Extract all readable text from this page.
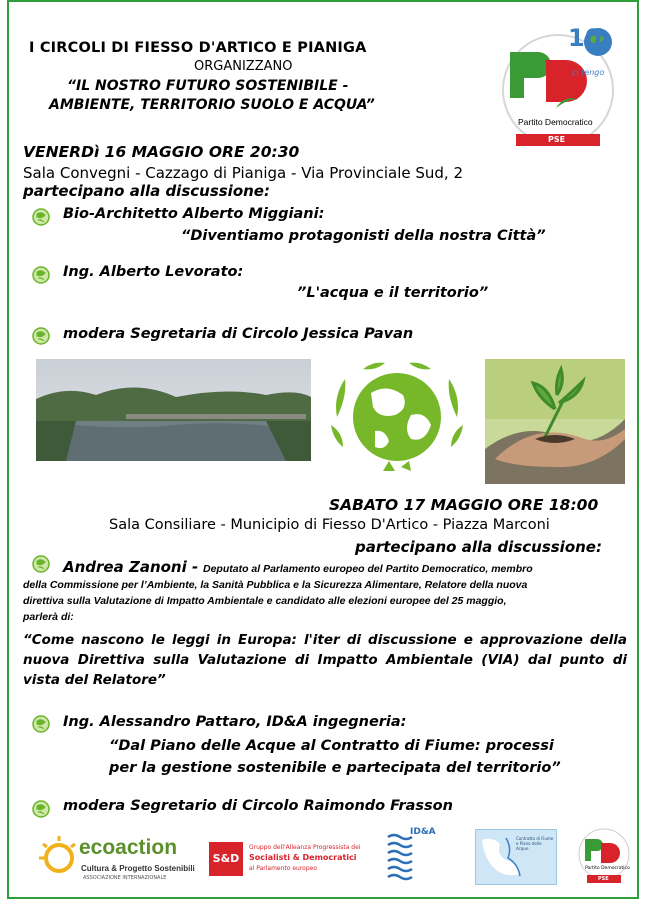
I CIRCOLI DI FIESSO D'ARTICO E PIANIGA
ORGANIZZANO
“IL NOSTRO FUTURO SOSTENIBILE -
AMBIENTE, TERRITORIO SUOLO E ACQUA”
10
ci tengo
Partito Democratico
PSE
VENERDì 16 MAGGIO ORE 20:30
Sala Convegni - Cazzago di Pianiga - Via Provinciale Sud, 2
partecipano alla discussione:
Bio-Architetto Alberto Miggiani:
“Diventiamo protagonisti della nostra Città”
Ing. Alberto Levorato:
”L'acqua e il territorio”
modera Segretaria di Circolo Jessica Pavan
SABATO 17 MAGGIO ORE 18:00
Sala Consiliare - Municipio di Fiesso D'Artico - Piazza Marconi
partecipano alla discussione:
Andrea Zanoni - Deputato al Parlamento europeo del Partito Democratico, membro
della Commissione per l’Ambiente, la Sanità Pubblica e la Sicurezza Alimentare, Relatore della nuova
direttiva sulla Valutazione di Impatto Ambientale e candidato alle elezioni europee del 25 maggio,
parlerà di:
“Come nascono le leggi in Europa: l'iter di discussione e approvazione della nuova Direttiva sulla Valutazione di Impatto Ambientale (VIA) dal punto di vista del Relatore”
Ing. Alessandro Pattaro, ID&A ingegneria:
“Dal Piano delle Acque al Contratto di Fiume: processi
per la gestione sostenibile e partecipata del territorio”
modera Segretario di Circolo Raimondo Frasson
ecoaction
Cultura & Progetto Sostenibili
ASSOCIAZIONE INTERNAZIONALE
S&D
Gruppo dell'Alleanza Progressista dei
Socialisti & Democratici
al Parlamento europeo
ID&A
Contratto di Fiume e Piano delle Acque
Partito Democratico
PSE
